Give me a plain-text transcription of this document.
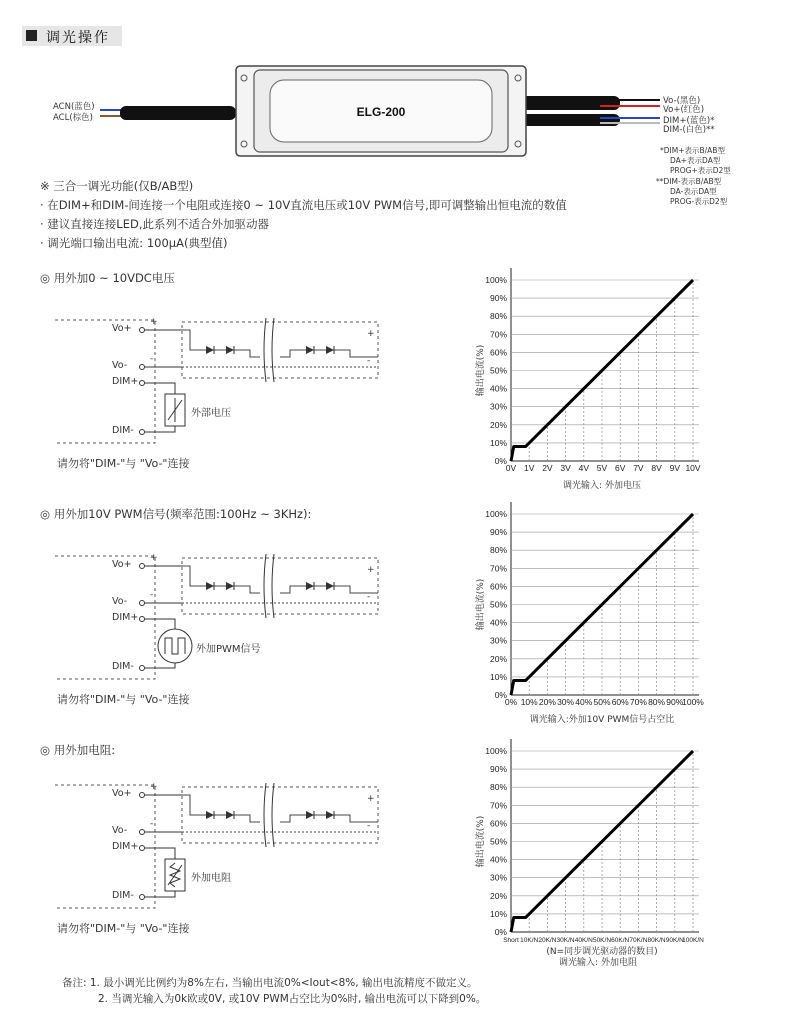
调光操作
ELG-200
ACN(蓝色)
ACL(棕色)
Vo-(黑色)
Vo+(红色)
DIM+(蓝色)*
DIM-(白色)**
*DIM+表示B/AB型
DA+表示DA型
PROG+表示D2型
**DIM-表示B/AB型
DA-表示DA型
PROG-表示D2型
※ 三合一调光功能(仅B/AB型)
· 在DIM+和DIM-间连接一个电阻或连接0 ~ 10V直流电压或10V PWM信号,即可调整输出恒电流的数值
· 建议直接连接LED,此系列不适合外加驱动器
· 调光端口输出电流: 100µA(典型值)
◎ 用外加0 ~ 10VDC电压
◎ 用外加10V PWM信号(频率范围:100Hz ~ 3KHz):
◎ 用外加电阻:
Vo+
Vo-
DIM+
DIM-
+
-
+
-
外部电压
请勿将"DIM-"与 "Vo-"连接
Vo+
Vo-
DIM+
DIM-
+
-
+
-
外加PWM信号
请勿将"DIM-"与 "Vo-"连接
Vo+
Vo-
DIM+
DIM-
+
-
+
-
外加电阻
请勿将"DIM-"与 "Vo-"连接
0%
10%
20%
30%
40%
50%
60%
70%
80%
90%
100%
0V 1V 2V 3V 4V 5V 6V 7V 8V 9V 10V
输出电流(%)
调光输入: 外加电压
0%
10%
20%
30%
40%
50%
60%
70%
80%
90%
100%
0% 10% 20% 30% 40% 50% 60% 70% 80% 90%
100%
输出电流(%)
调光输入:外加10V PWM信号占空比
0%
10%
20%
30%
40%
50%
60%
70%
80%
90%
100%
Short 10K/N 20K/N 30K/N 40K/N 50K/N 60K/N 70K/N 80K/N 90K/N
100K/N
输出电流(%)
(N=同步调光驱动器的数目)
调光输入: 外加电阻
备注: 1. 最小调光比例约为8%左右, 当输出电流0%<Iout<8%, 输出电流精度不做定义。
2. 当调光输入为0k欧或0V, 或10V PWM占空比为0%时, 输出电流可以下降到0%。
